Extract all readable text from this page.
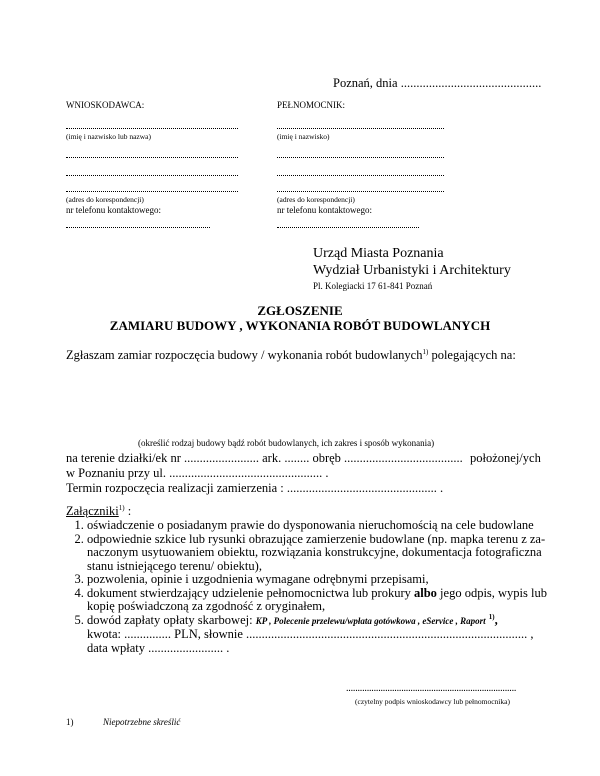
Poznań, dnia .............................................
WNIOSKODAWCA:
(imię i nazwisko lub nazwa)
(adres do korespondencji)
nr telefonu kontaktowego:
PEŁNOMOCNIK:
(imię i nazwisko)
(adres do korespondencji)
nr telefonu kontaktowego:
Urząd Miasta Poznania
Wydział Urbanistyki i Architektury
Pl. Kolegiacki 17 61-841 Poznań
ZGŁOSZENIE
ZAMIARU BUDOWY , WYKONANIA ROBÓT BUDOWLANYCH
Zgłaszam zamiar rozpoczęcia budowy / wykonania robót budowlanych$^{1)}$ polegających na:
(określić rodzaj budowy bądź robót budowlanych, ich zakres i sposób wykonania)
na terenie działki/ek nr ........................ ark. ........ obręb ...................................... położonej/ych
w Poznaniu przy ul. ................................................. .
Termin rozpoczęcia realizacji zamierzenia : ................................................ .
Załączniki$^{1)}$ :
1. oświadczenie o posiadanym prawie do dysponowania nieruchomością na cele budowlane
2. odpowiednie szkice lub rysunki obrazujące zamierzenie budowlane (np. mapka terenu z za-naczonym usytuowaniem obiektu, rozwiązania konstrukcyjne, dokumentacja fotograficzna stanu istniejącego terenu/ obiektu),
3. pozwolenia, opinie i uzgodnienia wymagane odrębnymi przepisami,
4. dokument stwierdzający udzielenie pełnomocnictwa lub prokury albo jego odpis, wypis lub kopię poświadczoną za zgodność z oryginałem,
5. dowód zapłaty opłaty skarbowej: KP , Polecenie przelewu/wpłata gotówkowa , eService , Raport $^{1)}$,
kwota: ............... PLN, słownie .......................................................................................... ,
data wpłaty ........................ .
..........................................................................
(czytelny podpis wnioskodawcy lub pełnomocnika)
1)	Niepotrzebne skreślić
